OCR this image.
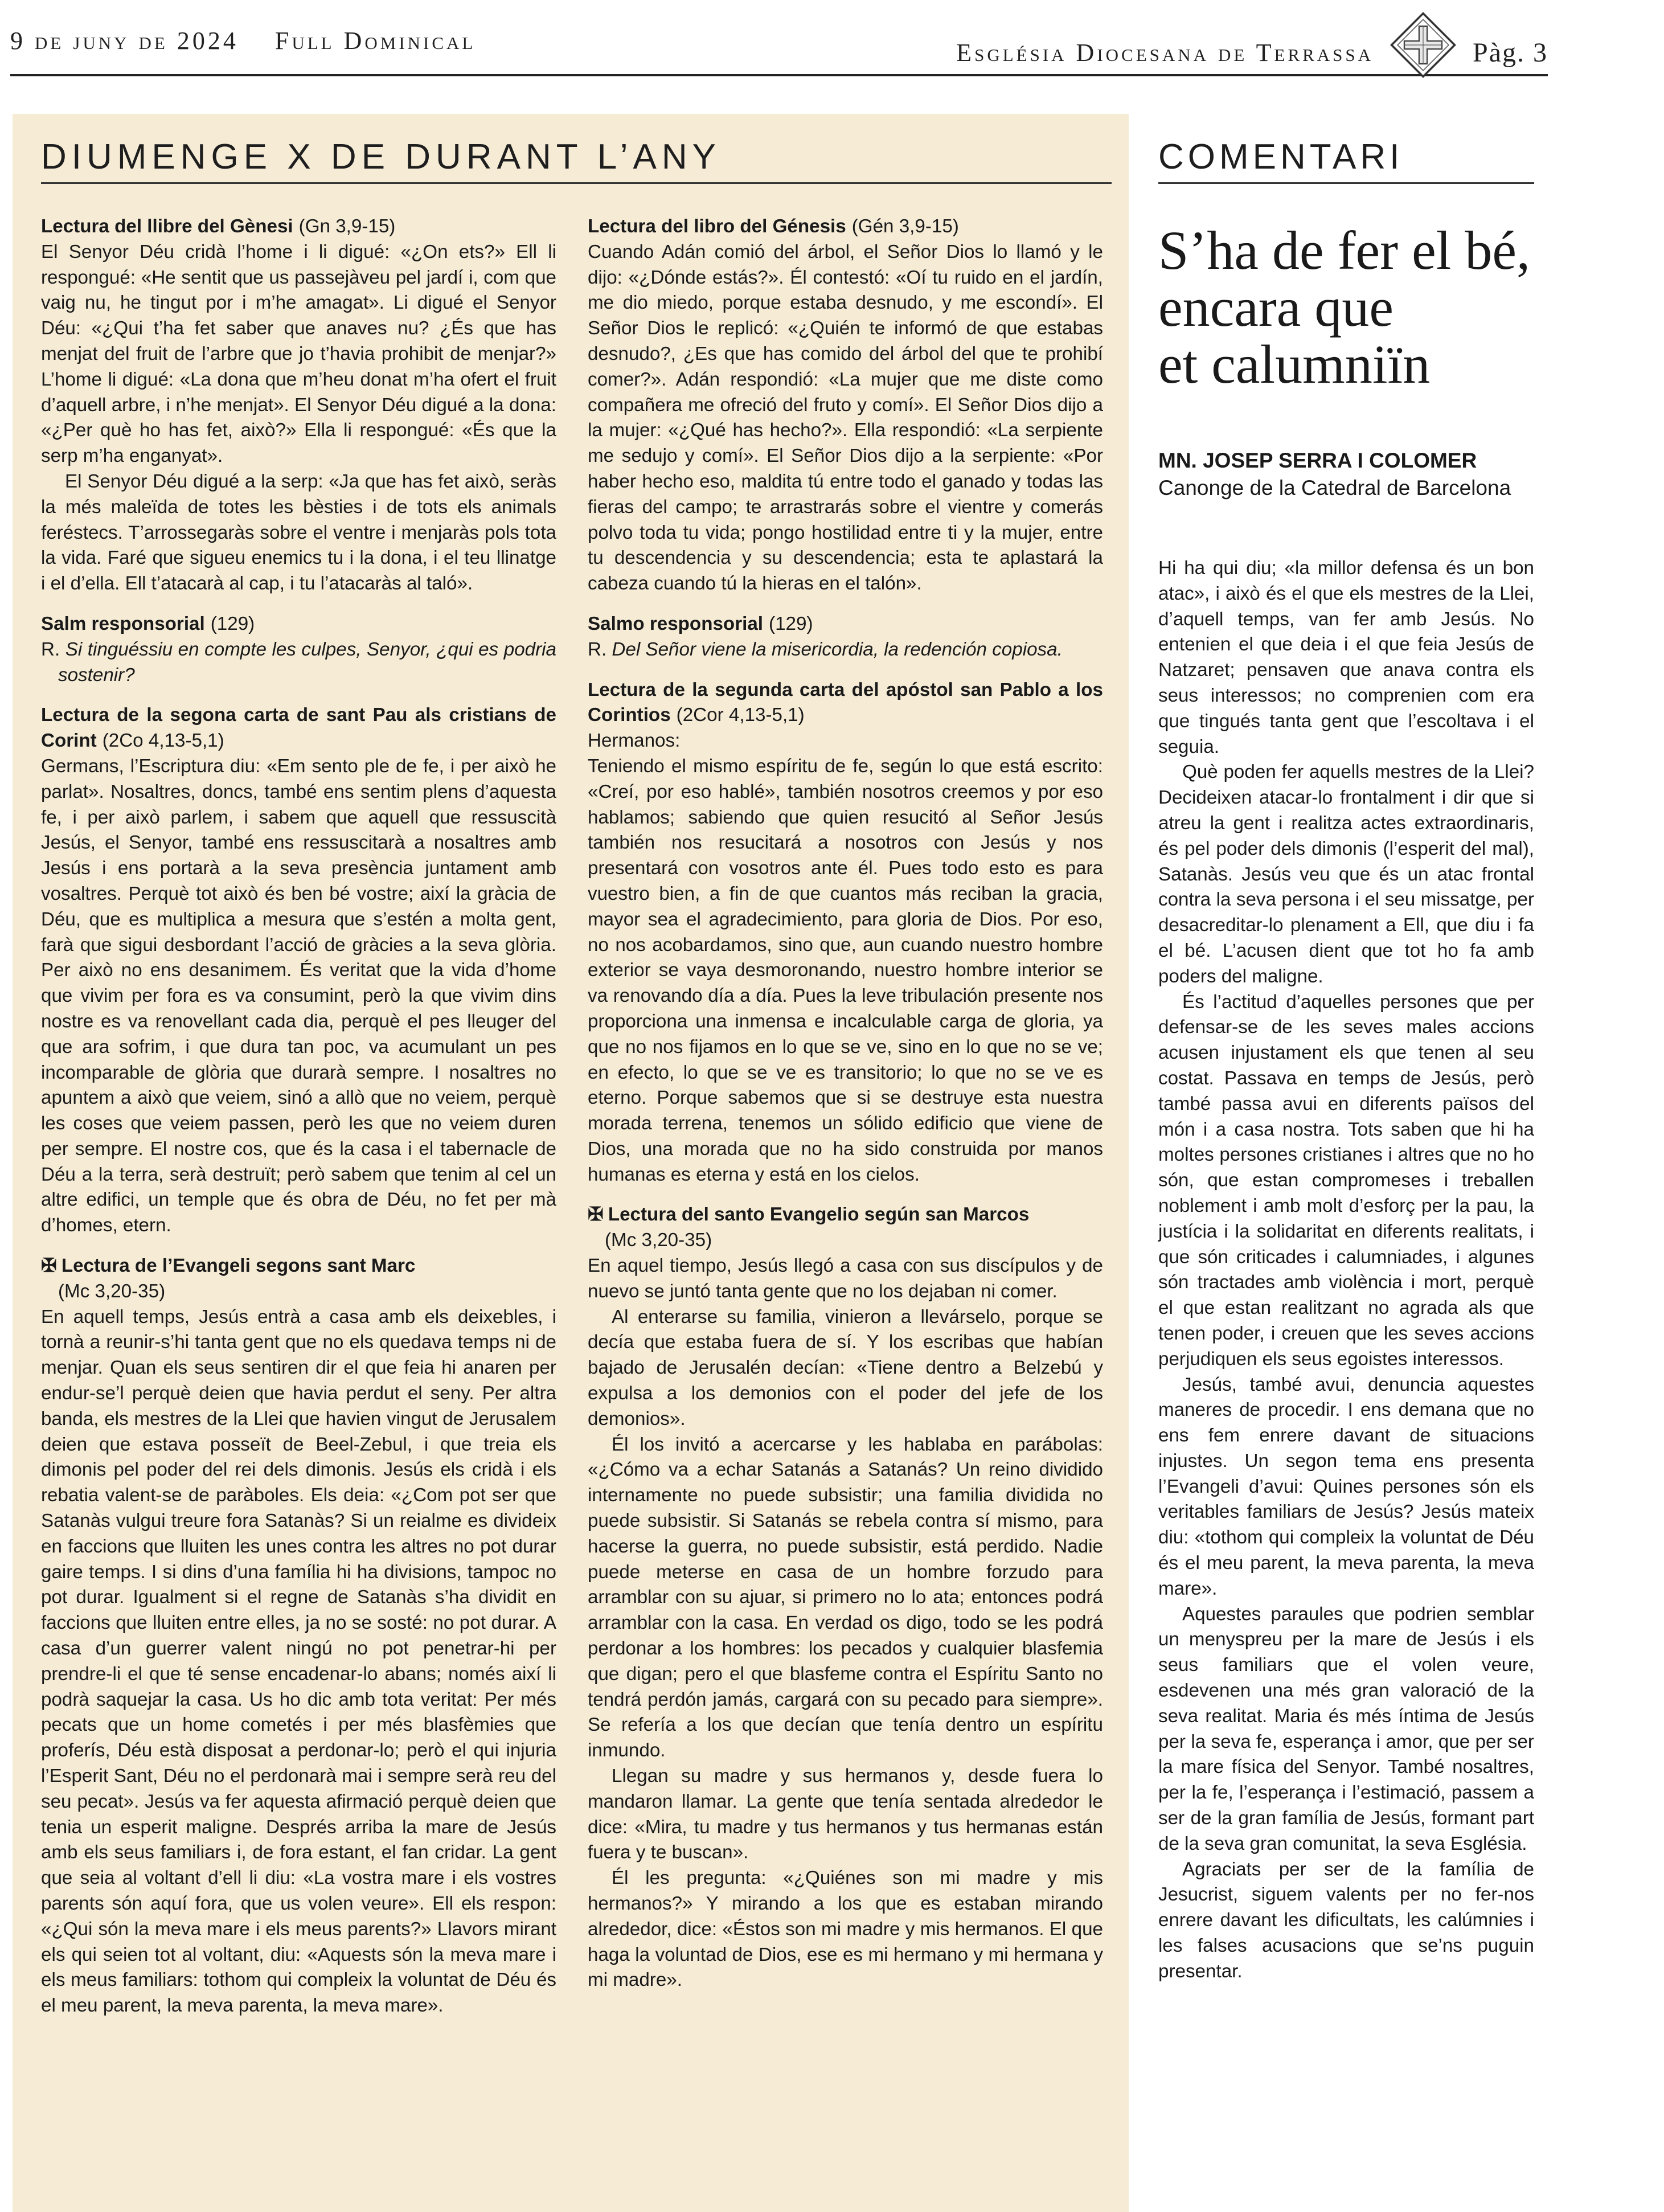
9 de juny de 2024 Full Dominical	Església Diocesana de Terrassa	Pàg. 3
DIUMENGE X DE DURANT L’ANY

Lectura del llibre del Gènesi (Gn 3,9-15)

El Senyor Déu cridà l’home i li digué: «¿On ets?» Ell li respongué: «He sentit que us passejàveu pel jardí i, com que vaig nu, he tingut por i m’he amagat». Li digué el Senyor Déu: «¿Qui t’ha fet saber que anaves nu? ¿És que has menjat del fruit de l’arbre que jo t’havia prohibit de menjar?» L’home li digué: «La dona que m’heu donat m’ha ofert el fruit d’aquell arbre, i n’he menjat». El Senyor Déu digué a la dona: «¿Per què ho has fet, això?» Ella li respongué: «És que la serp m’ha enganyat».

El Senyor Déu digué a la serp: «Ja que has fet això, seràs la més maleïda de totes les bèsties i de tots els animals feréstecs. T’arrossegaràs sobre el ventre i menjaràs pols tota la vida. Faré que sigueu enemics tu i la dona, i el teu llinatge i el d’ella. Ell t’atacarà al cap, i tu l’atacaràs al taló».

Salm responsorial (129)

R. Si tinguéssiu en compte les culpes, Senyor, ¿qui es podria sostenir?

Lectura de la segona carta de sant Pau als cristians de Corint (2Co 4,13-5,1)

Germans, l’Escriptura diu: «Em sento ple de fe, i per això he parlat». Nosaltres, doncs, també ens sentim plens d’aquesta fe, i per això parlem, i sabem que aquell que ressuscità Jesús, el Senyor, també ens ressuscitarà a nosaltres amb Jesús i ens portarà a la seva presència juntament amb vosaltres. Perquè tot això és ben bé vostre; així la gràcia de Déu, que es multiplica a mesura que s’estén a molta gent, farà que sigui desbordant l’acció de gràcies a la seva glòria. Per això no ens desanimem. És veritat que la vida d’home que vivim per fora es va consumint, però la que vivim dins nostre es va renovellant cada dia, perquè el pes lleuger del que ara sofrim, i que dura tan poc, va acumulant un pes incomparable de glòria que durarà sempre. I nosaltres no apuntem a això que veiem, sinó a allò que no veiem, perquè les coses que veiem passen, però les que no veiem duren per sempre. El nostre cos, que és la casa i el tabernacle de Déu a la terra, serà destruït; però sabem que tenim al cel un altre edifici, un temple que és obra de Déu, no fet per mà d’homes, etern.

✠ Lectura de l’Evangeli segons sant Marc
(Mc 3,20-35)

En aquell temps, Jesús entrà a casa amb els deixebles, i tornà a reunir-s’hi tanta gent que no els quedava temps ni de menjar. Quan els seus sentiren dir el que feia hi anaren per endur-se’l perquè deien que havia perdut el seny. Per altra banda, els mestres de la Llei que havien vingut de Jerusalem deien que estava posseït de Beel-Zebul, i que treia els dimonis pel poder del rei dels dimonis. Jesús els cridà i els rebatia valent-se de paràboles. Els deia: «¿Com pot ser que Satanàs vulgui treure fora Satanàs? Si un reialme es divideix en faccions que lluiten les unes contra les altres no pot durar gaire temps. I si dins d’una família hi ha divisions, tampoc no pot durar. Igualment si el regne de Satanàs s’ha dividit en faccions que lluiten entre elles, ja no se sosté: no pot durar. A casa d’un guerrer valent ningú no pot penetrar-hi per prendre-li el que té sense encadenar-lo abans; només així li podrà saquejar la casa. Us ho dic amb tota veritat: Per més pecats que un home cometés i per més blasfèmies que proferís, Déu està disposat a perdonar-lo; però el qui injuria l’Esperit Sant, Déu no el perdonarà mai i sempre serà reu del seu pecat». Jesús va fer aquesta afirmació perquè deien que tenia un esperit maligne. Després arriba la mare de Jesús amb els seus familiars i, de fora estant, el fan cridar. La gent que seia al voltant d’ell li diu: «La vostra mare i els vostres parents són aquí fora, que us volen veure». Ell els respon: «¿Qui són la meva mare i els meus parents?» Llavors mirant els qui seien tot al voltant, diu: «Aquests són la meva mare i els meus familiars: tothom qui compleix la voluntat de Déu és el meu parent, la meva parenta, la meva mare».

Lectura del libro del Génesis (Gén 3,9-15)

Cuando Adán comió del árbol, el Señor Dios lo llamó y le dijo: «¿Dónde estás?». Él contestó: «Oí tu ruido en el jardín, me dio miedo, porque estaba desnudo, y me escondí». El Señor Dios le replicó: «¿Quién te informó de que estabas desnudo?, ¿Es que has comido del árbol del que te prohibí comer?». Adán respondió: «La mujer que me diste como compañera me ofreció del fruto y comí». El Señor Dios dijo a la mujer: «¿Qué has hecho?». Ella respondió: «La serpiente me sedujo y comí». El Señor Dios dijo a la serpiente: «Por haber hecho eso, maldita tú entre todo el ganado y todas las fieras del campo; te arrastrarás sobre el vientre y comerás polvo toda tu vida; pongo hostilidad entre ti y la mujer, entre tu descendencia y su descendencia; esta te aplastará la cabeza cuando tú la hieras en el talón».

Salmo responsorial (129)

R. Del Señor viene la misericordia, la redención copiosa.

Lectura de la segunda carta del apóstol san Pablo a los Corintios (2Cor 4,13-5,1)

Hermanos:

Teniendo el mismo espíritu de fe, según lo que está escrito: «Creí, por eso hablé», también nosotros creemos y por eso hablamos; sabiendo que quien resucitó al Señor Jesús también nos resucitará a nosotros con Jesús y nos presentará con vosotros ante él. Pues todo esto es para vuestro bien, a fin de que cuantos más reciban la gracia, mayor sea el agradecimiento, para gloria de Dios. Por eso, no nos acobardamos, sino que, aun cuando nuestro hombre exterior se vaya desmoronando, nuestro hombre interior se va renovando día a día. Pues la leve tribulación presente nos proporciona una inmensa e incalculable carga de gloria, ya que no nos fijamos en lo que se ve, sino en lo que no se ve; en efecto, lo que se ve es transitorio; lo que no se ve es eterno. Porque sabemos que si se destruye esta nuestra morada terrena, tenemos un sólido edificio que viene de Dios, una morada que no ha sido construida por manos humanas es eterna y está en los cielos.

✠ Lectura del santo Evangelio según san Marcos
(Mc 3,20-35)

En aquel tiempo, Jesús llegó a casa con sus discípulos y de nuevo se juntó tanta gente que no los dejaban ni comer.

Al enterarse su familia, vinieron a llevárselo, porque se decía que estaba fuera de sí. Y los escribas que habían bajado de Jerusalén decían: «Tiene dentro a Belzebú y expulsa a los demonios con el poder del jefe de los demonios».

Él los invitó a acercarse y les hablaba en parábolas: «¿Cómo va a echar Satanás a Satanás? Un reino dividido internamente no puede subsistir; una familia dividida no puede subsistir. Si Satanás se rebela contra sí mismo, para hacerse la guerra, no puede subsistir, está perdido. Nadie puede meterse en casa de un hombre forzudo para arramblar con su ajuar, si primero no lo ata; entonces podrá arramblar con la casa. En verdad os digo, todo se les podrá perdonar a los hombres: los pecados y cualquier blasfemia que digan; pero el que blasfeme contra el Espíritu Santo no tendrá perdón jamás, cargará con su pecado para siempre». Se refería a los que decían que tenía dentro un espíritu inmundo.

Llegan su madre y sus hermanos y, desde fuera lo mandaron llamar. La gente que tenía sentada alrededor le dice: «Mira, tu madre y tus hermanos y tus hermanas están fuera y te buscan».

Él les pregunta: «¿Quiénes son mi madre y mis hermanos?» Y mirando a los que es estaban mirando alrededor, dice: «Éstos son mi madre y mis hermanos. El que haga la voluntad de Dios, ese es mi hermano y mi hermana y mi madre».

COMENTARI
S’ha de fer el bé,
encara que
et calumniïn
MN. JOSEP SERRA I COLOMER
Canonge de la Catedral de Barcelona

Hi ha qui diu; «la millor defensa és un bon atac», i això és el que els mestres de la Llei, d’aquell temps, van fer amb Jesús. No entenien el que deia i el que feia Jesús de Natzaret; pensaven que anava contra els seus interessos; no comprenien com era que tingués tanta gent que l’escoltava i el seguia.

Què poden fer aquells mestres de la Llei? Decideixen atacar-lo frontalment i dir que si atreu la gent i realitza actes extraordinaris, és pel poder dels dimonis (l’esperit del mal), Satanàs. Jesús veu que és un atac frontal contra la seva persona i el seu missatge, per desacreditar-lo plenament a Ell, que diu i fa el bé. L’acusen dient que tot ho fa amb poders del maligne.

És l’actitud d’aquelles persones que per defensar-se de les seves males accions acusen injustament els que tenen al seu costat. Passava en temps de Jesús, però també passa avui en diferents països del món i a casa nostra. Tots saben que hi ha moltes persones cristianes i altres que no ho són, que estan compromeses i treballen noblement i amb molt d’esforç per la pau, la justícia i la solidaritat en diferents realitats, i que són criticades i calumniades, i algunes són tractades amb violència i mort, perquè el que estan realitzant no agrada als que tenen poder, i creuen que les seves accions perjudiquen els seus egoistes interessos.

Jesús, també avui, denuncia aquestes maneres de procedir. I ens demana que no ens fem enrere davant de situacions injustes. Un segon tema ens presenta l’Evangeli d’avui: Quines persones són els veritables familiars de Jesús? Jesús mateix diu: «tothom qui compleix la voluntat de Déu és el meu parent, la meva parenta, la meva mare».

Aquestes paraules que podrien semblar un menyspreu per la mare de Jesús i els seus familiars que el volen veure, esdevenen una més gran valoració de la seva realitat. Maria és més íntima de Jesús per la seva fe, esperança i amor, que per ser la mare física del Senyor. També nosaltres, per la fe, l’esperança i l’estimació, passem a ser de la gran família de Jesús, formant part de la seva gran comunitat, la seva Església.

Agraciats per ser de la família de Jesucrist, siguem valents per no fer-nos enrere davant les dificultats, les calúmnies i les falses acusacions que se’ns puguin presentar.
